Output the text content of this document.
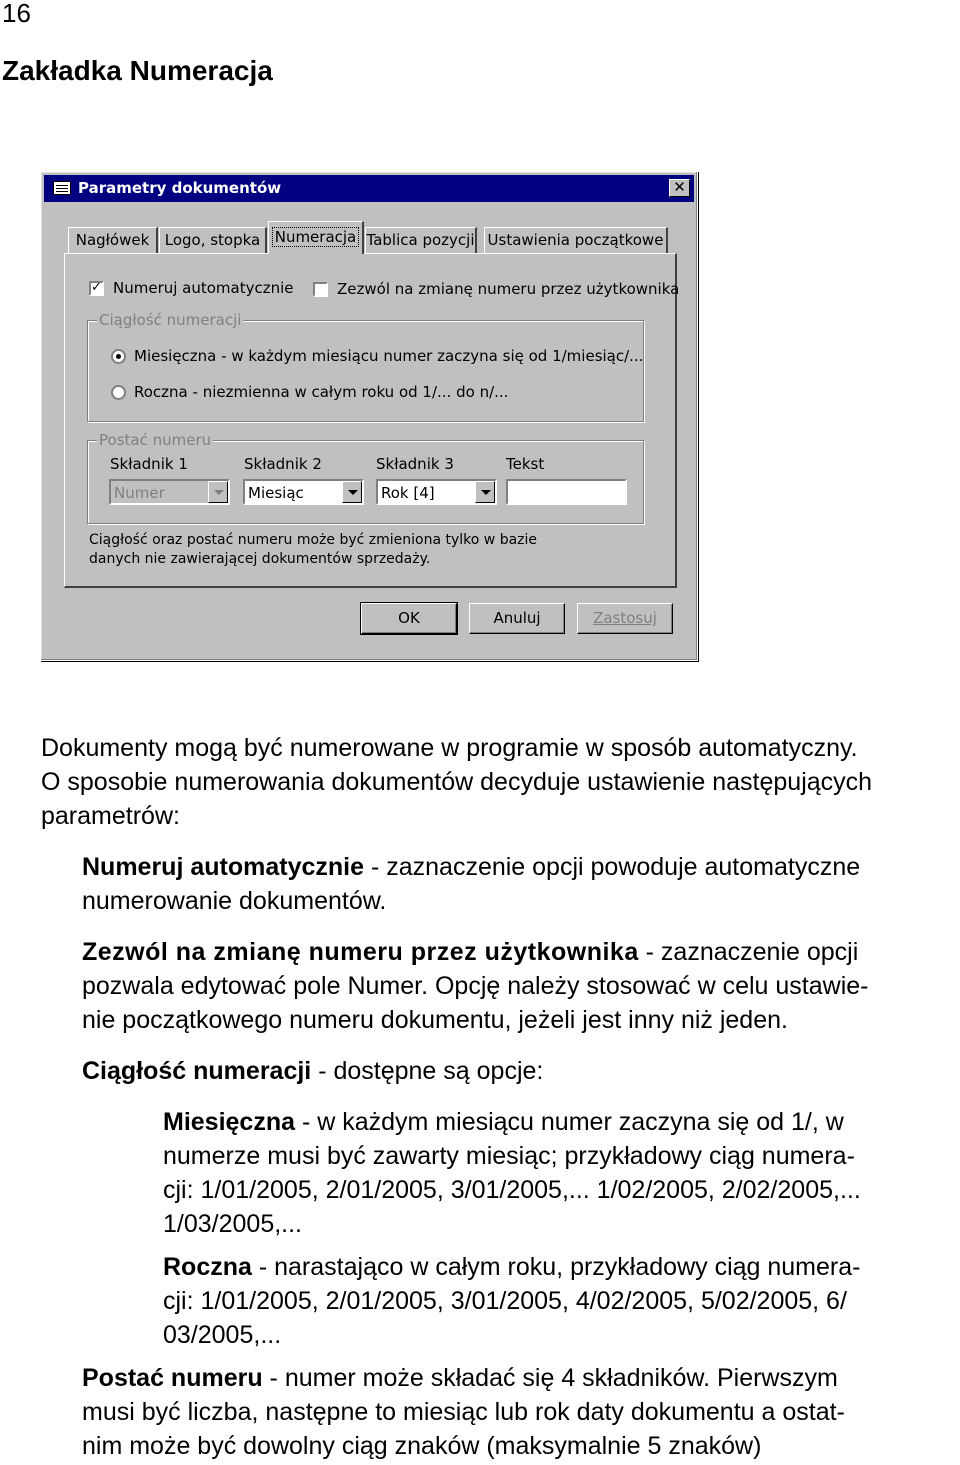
16
Zakładka Numeracja
Parametry dokumentów	✕
Nagłówek	Logo, stopka Numeracja Tablica pozycji Ustawienia początkowe
✓ Numeruj automatycznie	Zezwól na zmianę numeru przez użytkownika
Ciągłość numeracji
Miesięczna - w każdym miesiącu numer zaczyna się od 1/miesiąc/...
Roczna - niezmienna w całym roku od 1/... do n/...
Postać numeru
Składnik 1	Składnik 2	Składnik 3	Tekst
Numer	Miesiąc	Rok [4]
Ciągłość oraz postać numeru może być zmieniona tylko w bazie
danych nie zawierającej dokumentów sprzedaży.
OK	Anuluj	Zastosuj
Dokumenty mogą być numerowane w programie w sposób automatyczny.
O sposobie numerowania dokumentów decyduje ustawienie następujących
parametrów:
Numeruj automatycznie - zaznaczenie opcji powoduje automatyczne
numerowanie dokumentów.
Zezwól na zmianę numeru przez użytkownika - zaznaczenie opcji
pozwala edytować pole Numer. Opcję należy stosować w celu ustawie-
nie początkowego numeru dokumentu, jeżeli jest inny niż jeden.
Ciągłość numeracji - dostępne są opcje:
Miesięczna - w każdym miesiącu numer zaczyna się od 1/, w
numerze musi być zawarty miesiąc; przykładowy ciąg numera-
cji: 1/01/2005, 2/01/2005, 3/01/2005,... 1/02/2005, 2/02/2005,...
1/03/2005,...
Roczna - narastająco w całym roku, przykładowy ciąg numera-
cji: 1/01/2005, 2/01/2005, 3/01/2005, 4/02/2005, 5/02/2005, 6/
03/2005,...
Postać numeru - numer może składać się 4 składników. Pierwszym
musi być liczba, następne to miesiąc lub rok daty dokumentu a ostat-
nim może być dowolny ciąg znaków (maksymalnie 5 znaków)
